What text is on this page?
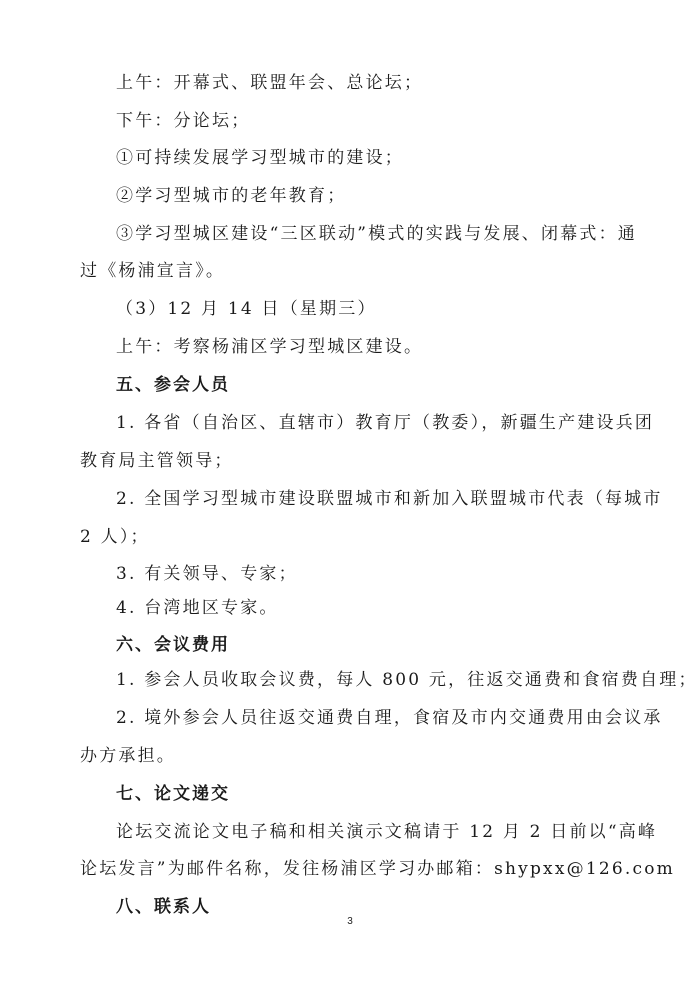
上午：开幕式、联盟年会、总论坛；
下午：分论坛；
①可持续发展学习型城市的建设；
②学习型城市的老年教育；
③学习型城区建设“三区联动”模式的实践与发展、闭幕式：通
过《杨浦宣言》。
（3）12 月 14 日（星期三）
上午：考察杨浦区学习型城区建设。
五、参会人员
1. 各省（自治区、直辖市）教育厅（教委），新疆生产建设兵团
教育局主管领导；
2. 全国学习型城市建设联盟城市和新加入联盟城市代表（每城市
2 人）；
3. 有关领导、专家；
4. 台湾地区专家。
六、会议费用
1. 参会人员收取会议费，每人 800 元，往返交通费和食宿费自理；
2. 境外参会人员往返交通费自理，食宿及市内交通费用由会议承
办方承担。
七、论文递交
论坛交流论文电子稿和相关演示文稿请于 12 月 2 日前以“高峰
论坛发言”为邮件名称，发往杨浦区学习办邮箱：shypxx@126.com
八、联系人
3
